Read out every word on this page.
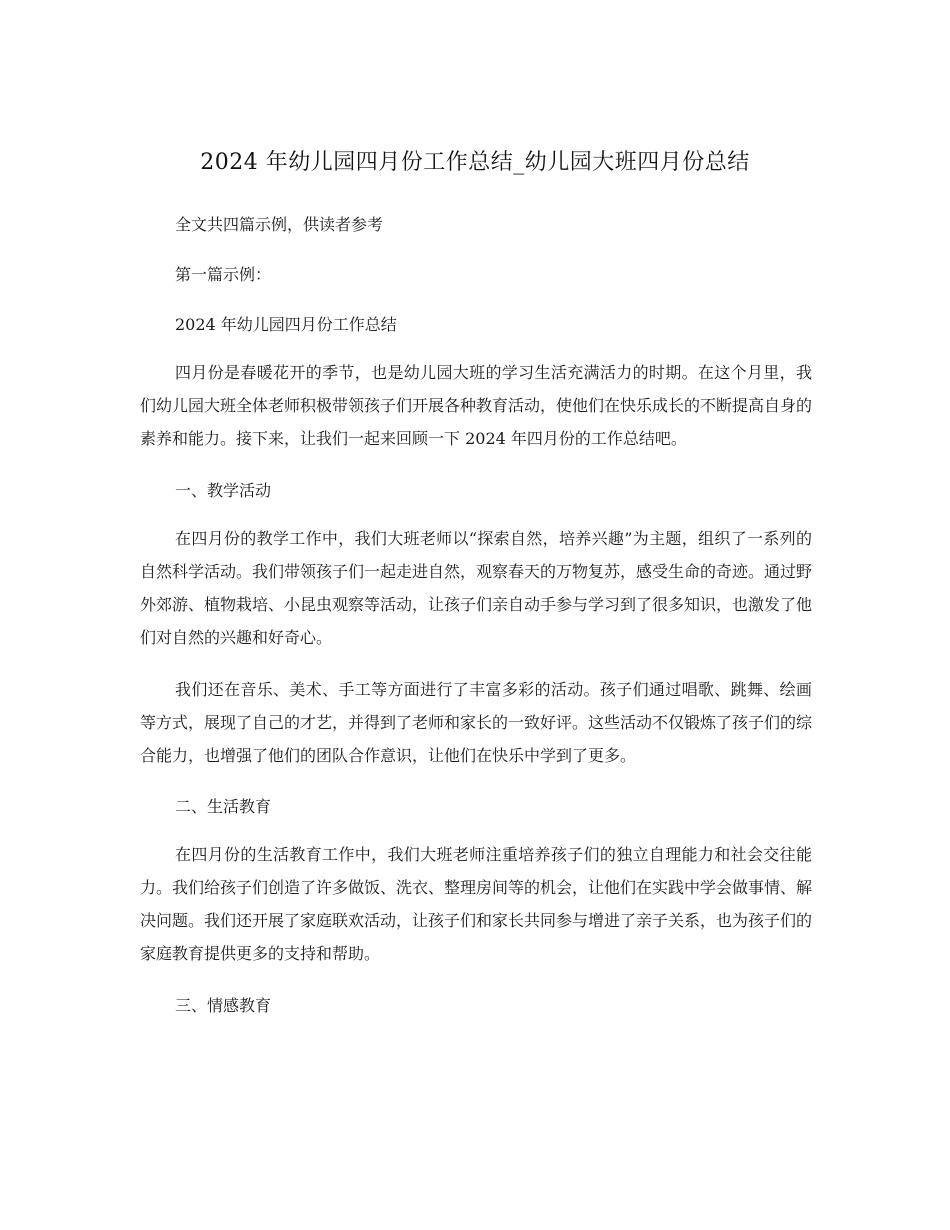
2024 年幼儿园四月份工作总结_幼儿园大班四月份总结
全文共四篇示例，供读者参考
第一篇示例：
2024 年幼儿园四月份工作总结
四月份是春暖花开的季节，也是幼儿园大班的学习生活充满活力的时期。在这个月里，我们幼儿园大班全体老师积极带领孩子们开展各种教育活动，使他们在快乐成长的不断提高自身的素养和能力。接下来，让我们一起来回顾一下 2024 年四月份的工作总结吧。
一、教学活动
在四月份的教学工作中，我们大班老师以“探索自然，培养兴趣”为主题，组织了一系列的自然科学活动。我们带领孩子们一起走进自然，观察春天的万物复苏，感受生命的奇迹。通过野外郊游、植物栽培、小昆虫观察等活动，让孩子们亲自动手参与学习到了很多知识，也激发了他们对自然的兴趣和好奇心。
我们还在音乐、美术、手工等方面进行了丰富多彩的活动。孩子们通过唱歌、跳舞、绘画等方式，展现了自己的才艺，并得到了老师和家长的一致好评。这些活动不仅锻炼了孩子们的综合能力，也增强了他们的团队合作意识，让他们在快乐中学到了更多。
二、生活教育
在四月份的生活教育工作中，我们大班老师注重培养孩子们的独立自理能力和社会交往能力。我们给孩子们创造了许多做饭、洗衣、整理房间等的机会，让他们在实践中学会做事情、解决问题。我们还开展了家庭联欢活动，让孩子们和家长共同参与增进了亲子关系，也为孩子们的家庭教育提供更多的支持和帮助。
三、情感教育
